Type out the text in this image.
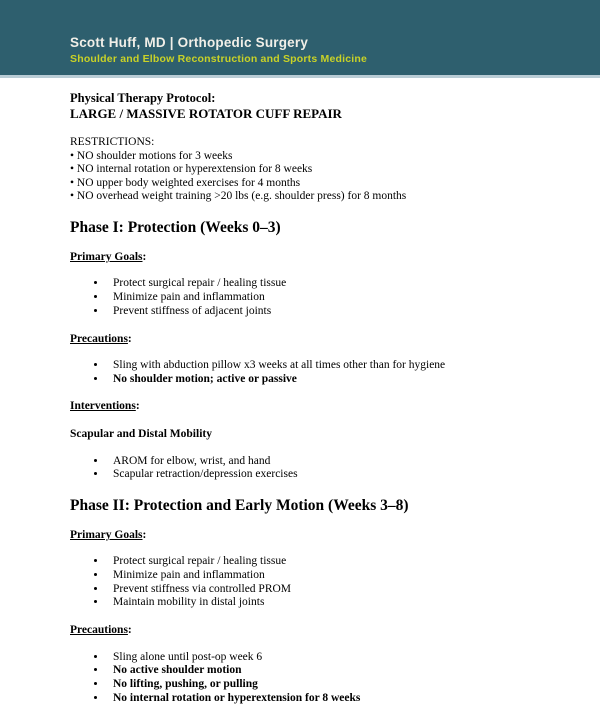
Scott Huff, MD | Orthopedic Surgery
Shoulder and Elbow Reconstruction and Sports Medicine

Physical Therapy Protocol:

LARGE / MASSIVE ROTATOR CUFF REPAIR

RESTRICTIONS:

• NO shoulder motions for 3 weeks
• NO internal rotation or hyperextension for 8 weeks
• NO upper body weighted exercises for 4 months
• NO overhead weight training >20 lbs (e.g. shoulder press) for 8 months
Phase I: Protection (Weeks 0–3)

Primary Goals:

• Protect surgical repair / healing tissue
• Minimize pain and inflammation
• Prevent stiffness of adjacent joints

Precautions:

• Sling with abduction pillow x3 weeks at all times other than for hygiene
• No shoulder motion; active or passive

Interventions:

Scapular and Distal Mobility

• AROM for elbow, wrist, and hand
• Scapular retraction/depression exercises
Phase II: Protection and Early Motion (Weeks 3–8)

Primary Goals:

• Protect surgical repair / healing tissue
• Minimize pain and inflammation
• Prevent stiffness via controlled PROM
• Maintain mobility in distal joints

Precautions:

• Sling alone until post-op week 6
• No active shoulder motion
• No lifting, pushing, or pulling
• No internal rotation or hyperextension for 8 weeks
